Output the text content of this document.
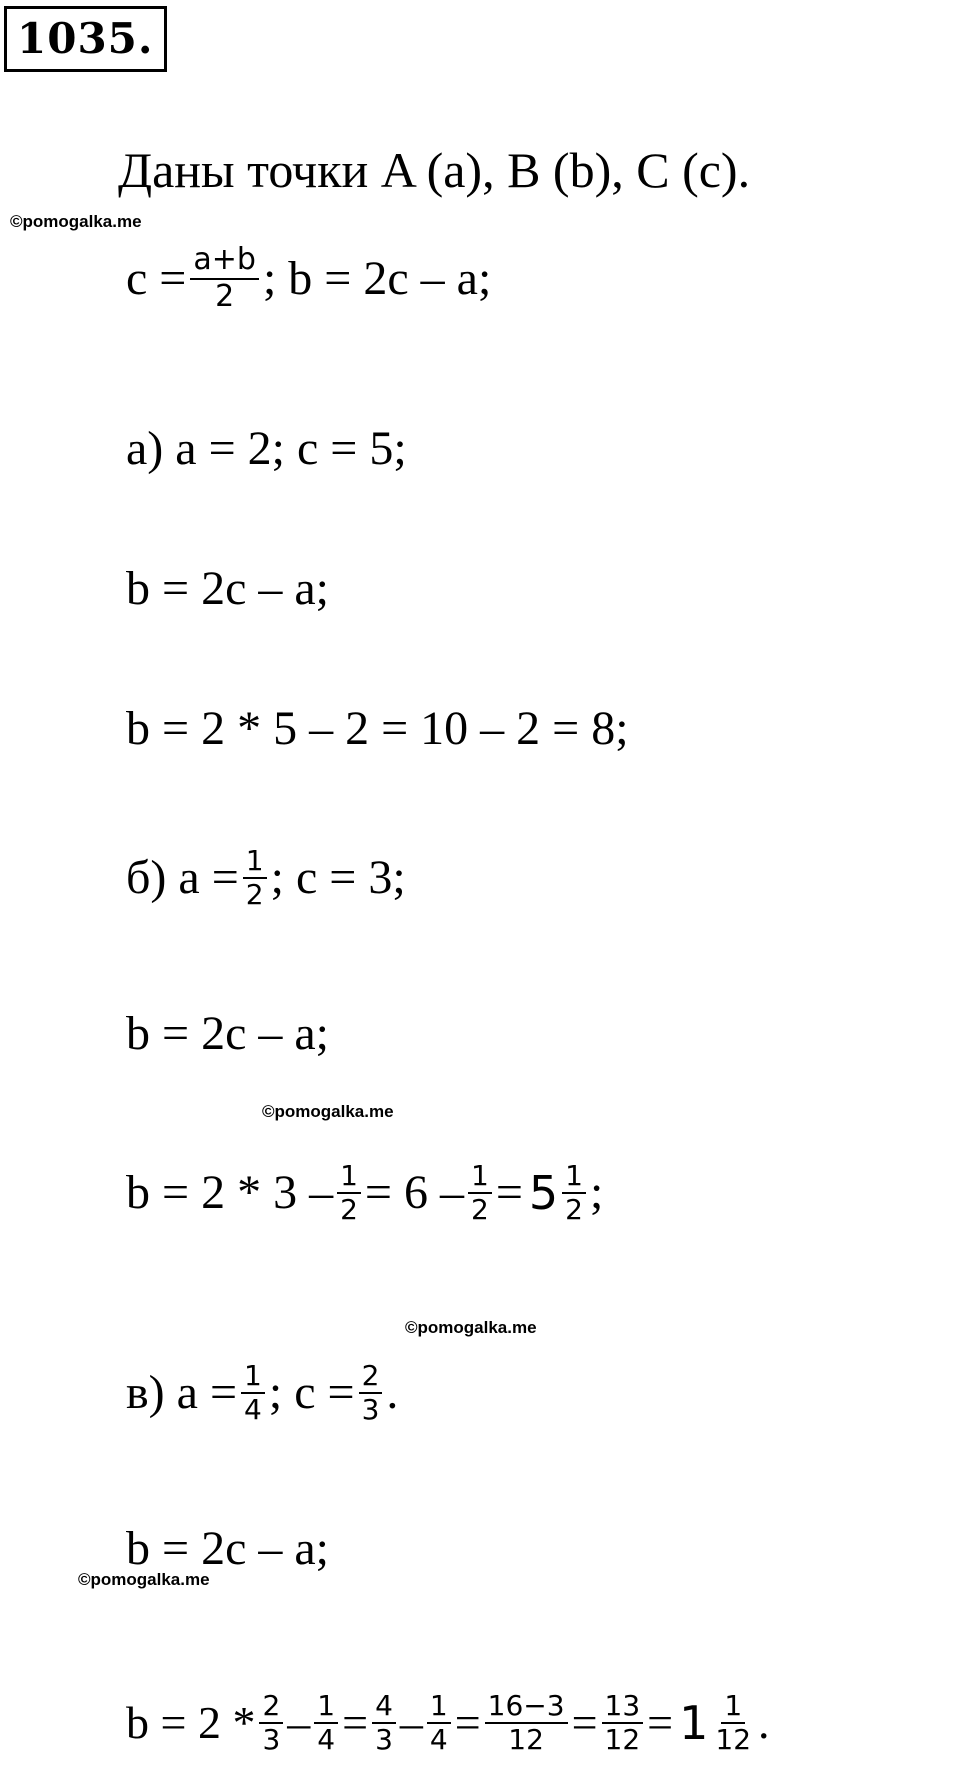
1035.
Даны точки A (a), B (b), C (c).
©pomogalka.me
$c = \frac{a+b}{2}$ ; b = 2c – a;
а) a = 2; c = 5;
b = 2c – a;
b = 2 * 5 – 2 = 10 – 2 = 8;
б) $a = \frac{1}{2}$ ; c = 3;
b = 2c – a;
©pomogalka.me
$b = 2 * 3 - \frac{1}{2} = 6 - \frac{1}{2} = 5 \frac{1}{2}$ ;
©pomogalka.me
в) $a = \frac{1}{4}$ ; $c = \frac{2}{3}$ .
b = 2c – a;
©pomogalka.me
$b = 2 * \frac{2}{3} - \frac{1}{4} = \frac{4}{3} - \frac{1}{4} = \frac{16-3}{12} = \frac{13}{12} = 1 \frac{1}{12}$ .
